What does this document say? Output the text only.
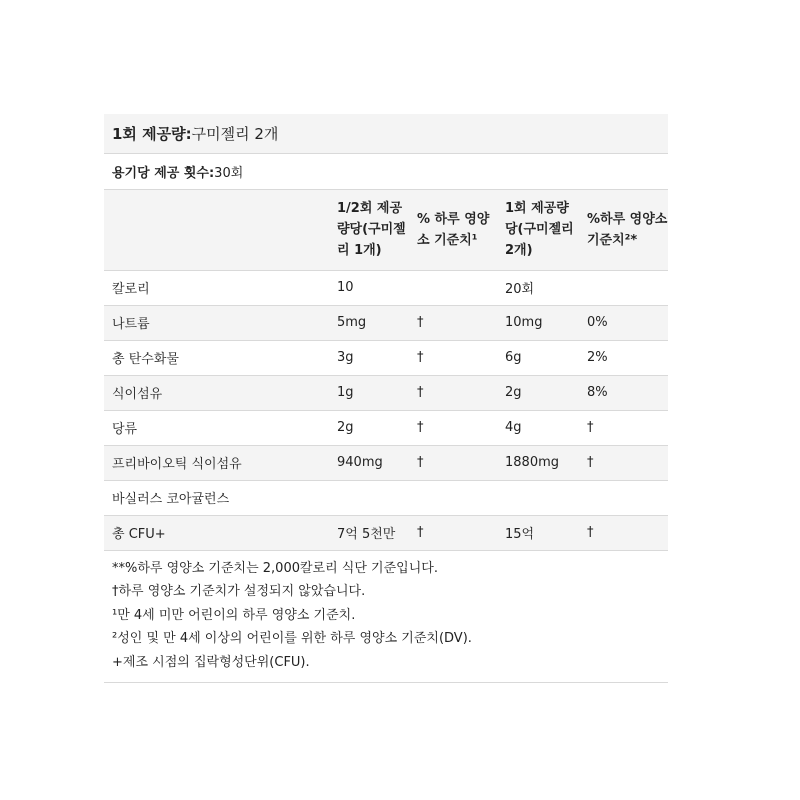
1회 제공량: 구미젤리 2개
용기당 제공 횟수: 30회
	1/2회 제공량당(구미젤리 1개)	% 하루 영양소 기준치¹	1회 제공량당(구미젤리 2개)	%하루 영양소 기준치²*
칼로리	10		20회	
나트륨	5mg	†	10mg	0%
총 탄수화물	3g	†	6g	2%
식이섬유	1g	†	2g	8%
당류	2g	†	4g	†
프리바이오틱 식이섬유	940mg	†	1880mg	†
바실러스 코아귤런스				
총 CFU+	7억 5천만	†	15억	†
**%하루 영양소 기준치는 2,000칼로리 식단 기준입니다.
†하루 영양소 기준치가 설정되지 않았습니다.
¹만 4세 미만 어린이의 하루 영양소 기준치.
²성인 및 만 4세 이상의 어린이를 위한 하루 영양소 기준치(DV).
+제조 시점의 집락형성단위(CFU).
